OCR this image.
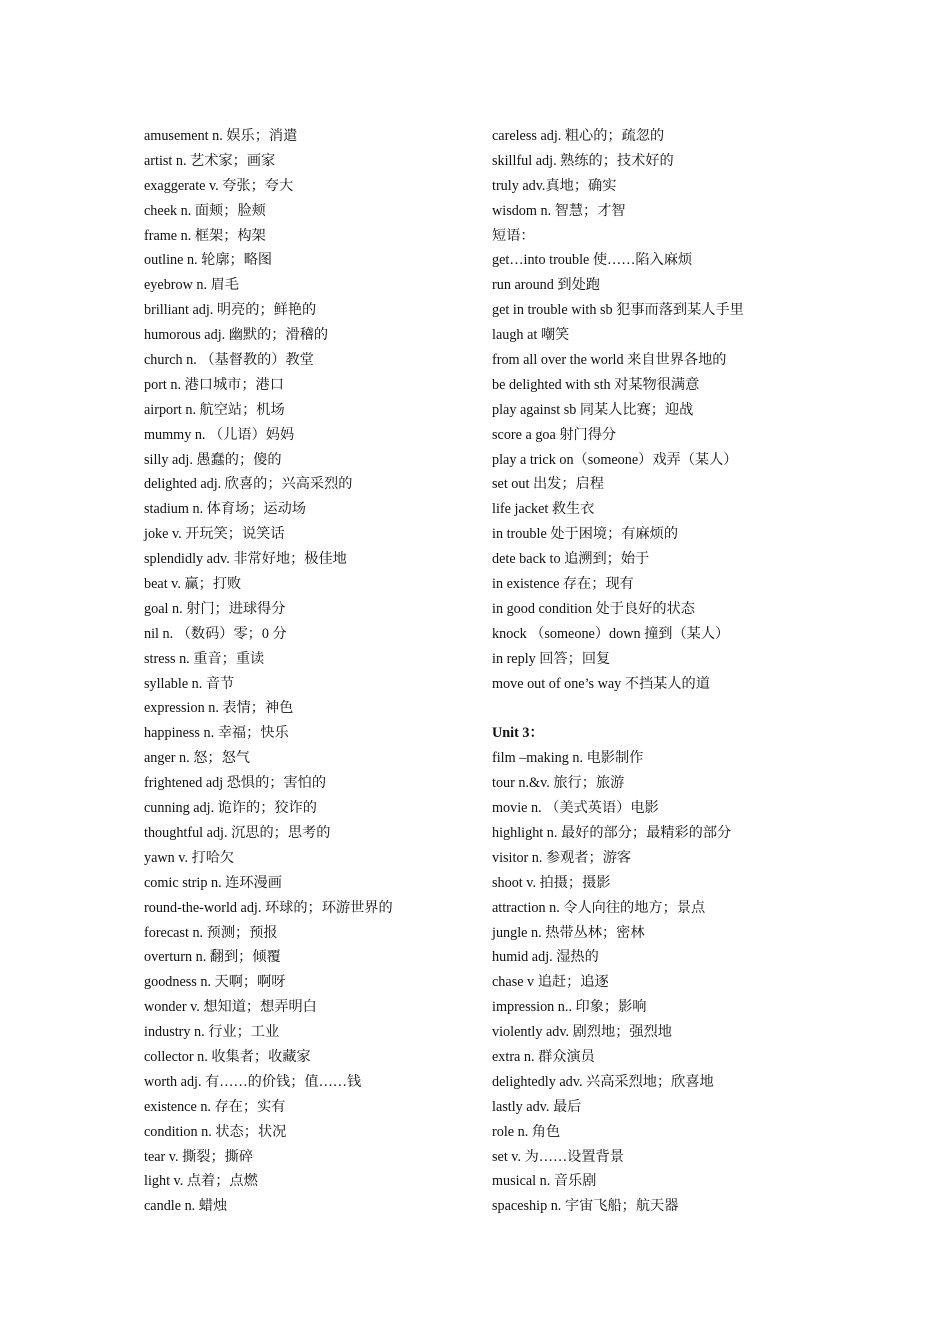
amusement n. 娱乐；消遣
artist n. 艺术家；画家
exaggerate v. 夸张；夸大
cheek n. 面颊；脸颊
frame n. 框架；构架
outline n. 轮廓；略图
eyebrow n. 眉毛
brilliant adj. 明亮的；鲜艳的
humorous adj. 幽默的；滑稽的
church n. （基督教的）教堂
port n. 港口城市；港口
airport n. 航空站；机场
mummy n. （儿语）妈妈
silly adj. 愚蠢的；傻的
delighted adj. 欣喜的；兴高采烈的
stadium n. 体育场；运动场
joke v. 开玩笑；说笑话
splendidly adv. 非常好地；极佳地
beat v. 赢；打败
goal n. 射门；进球得分
nil n. （数码）零；0 分
stress n. 重音；重读
syllable n. 音节
expression n. 表情；神色
happiness n. 幸福；快乐
anger n. 怒；怒气
frightened adj 恐惧的；害怕的
cunning adj. 诡诈的；狡诈的
thoughtful adj. 沉思的；思考的
yawn v. 打哈欠
comic strip n. 连环漫画
round-the-world adj. 环球的；环游世界的
forecast n. 预测；预报
overturn n. 翻到；倾覆
goodness n. 天啊；啊呀
wonder v. 想知道；想弄明白
industry n. 行业；工业
collector n. 收集者；收藏家
worth adj. 有……的价钱；值……钱
existence n. 存在；实有
condition n. 状态；状况
tear v. 撕裂；撕碎
light v. 点着；点燃
candle n. 蜡烛
careless adj. 粗心的；疏忽的
skillful adj. 熟练的；技术好的
truly adv.真地；确实
wisdom n. 智慧；才智
短语：
get…into trouble 使……陷入麻烦
run around 到处跑
get in trouble with sb 犯事而落到某人手里
laugh at 嘲笑
from all over the world 来自世界各地的
be delighted with sth 对某物很满意
play against sb 同某人比赛；迎战
score a goa 射门得分
play a trick on（someone）戏弄（某人）
set out 出发；启程
life jacket 救生衣
in trouble 处于困境；有麻烦的
dete back to 追溯到；始于
in existence 存在；现有
in good condition 处于良好的状态
knock （someone）down 撞到（某人）
in reply 回答；回复
move out of one’s way 不挡某人的道
Unit 3：
film –making n. 电影制作
tour n.&v. 旅行；旅游
movie n. （美式英语）电影
highlight n. 最好的部分；最精彩的部分
visitor n. 参观者；游客
shoot v. 拍摄；摄影
attraction n. 令人向往的地方；景点
jungle n. 热带丛林；密林
humid adj. 湿热的
chase v 追赶；追逐
impression n.. 印象；影响
violently adv. 剧烈地；强烈地
extra n. 群众演员
delightedly adv. 兴高采烈地；欣喜地
lastly adv. 最后
role n. 角色
set v. 为……设置背景
musical n. 音乐剧
spaceship n. 宇宙飞船；航天器
